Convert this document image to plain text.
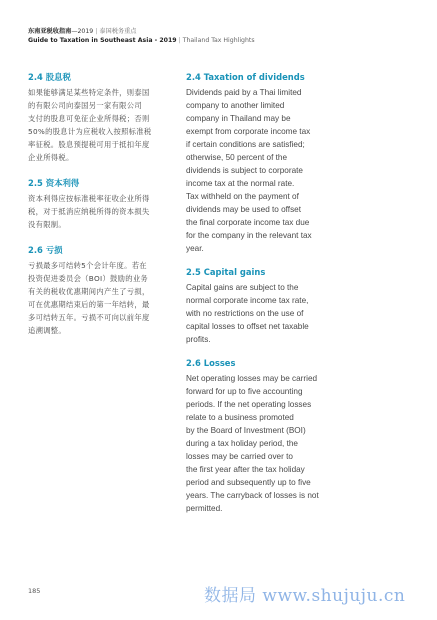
东南亚税收指南—2019 | 泰国税务重点
Guide to Taxation in Southeast Asia - 2019 | Thailand Tax Highlights
2.4 股息税
如果能够满足某些特定条件，则泰国
的有限公司向泰国另一家有限公司
支付的股息可免征企业所得税；否则
50%的股息计为应税收入按照标准税
率征税。股息预提税可用于抵扣年度
企业所得税。
2.5 资本利得
资本利得应按标准税率征收企业所得
税，对于抵消应纳税所得的资本损失
没有限制。
2.6 亏损
亏损最多可结转5个会计年度。若在
投资促进委员会（BOI）鼓励的业务
有关的税收优惠期间内产生了亏损，
可在优惠期结束后的第一年结转，最
多可结转五年。亏损不可向以前年度
追溯调整。
2.4 Taxation of dividends
Dividends paid by a Thai limited
company to another limited
company in Thailand may be
exempt from corporate income tax
if certain conditions are satisfied;
otherwise, 50 percent of the
dividends is subject to corporate
income tax at the normal rate.
Tax withheld on the payment of
dividends may be used to offset
the final corporate income tax due
for the company in the relevant tax
year.
2.5 Capital gains
Capital gains are subject to the
normal corporate income tax rate,
with no restrictions on the use of
capital losses to offset net taxable
profits.
2.6 Losses
Net operating losses may be carried
forward for up to five accounting
periods. If the net operating losses
relate to a business promoted
by the Board of Investment (BOI)
during a tax holiday period, the
losses may be carried over to
the first year after the tax holiday
period and subsequently up to five
years. The carryback of losses is not
permitted.
185	数据局 www.shujuju.cn
